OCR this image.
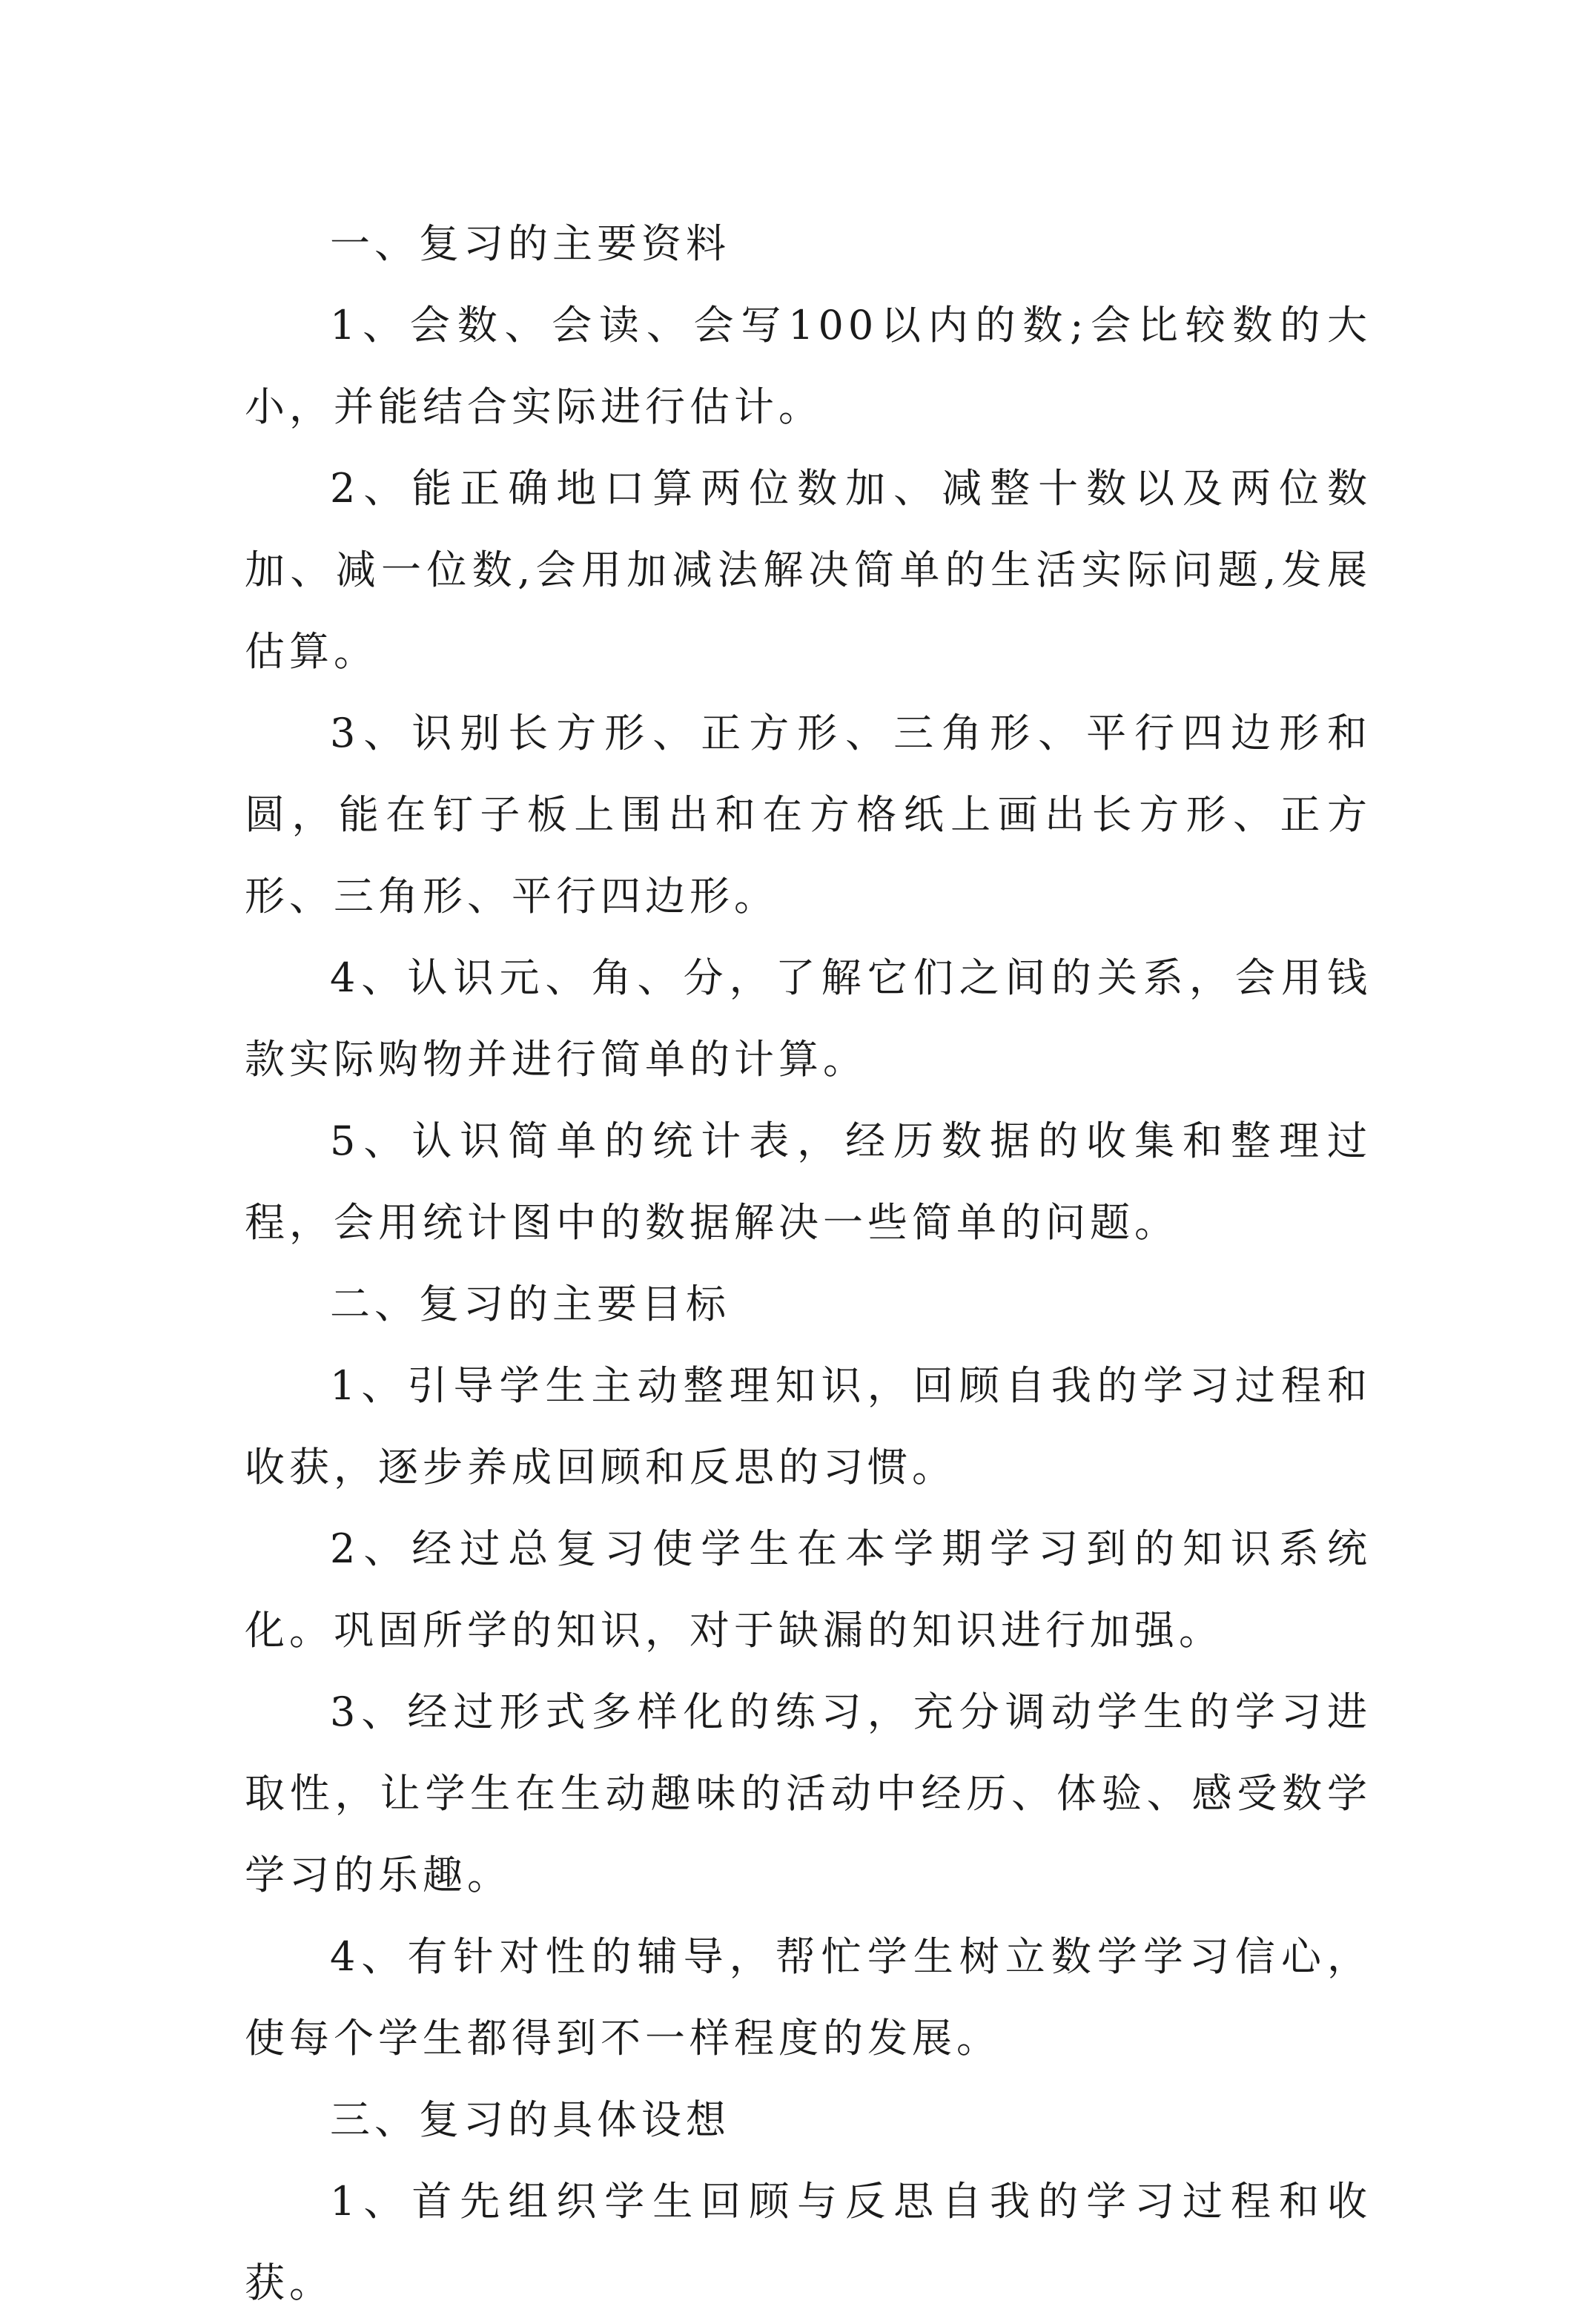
一、复习的主要资料

1、会数、会读、会写100以内的数;会比较数的大小，并能结合实际进行估计。

2、能正确地口算两位数加、减整十数以及两位数加、减一位数,会用加减法解决简单的生活实际问题,发展估算。

3、识别长方形、正方形、三角形、平行四边形和圆，能在钉子板上围出和在方格纸上画出长方形、正方形、三角形、平行四边形。

4、认识元、角、分，了解它们之间的关系，会用钱款实际购物并进行简单的计算。

5、认识简单的统计表，经历数据的收集和整理过程，会用统计图中的数据解决一些简单的问题。

二、复习的主要目标

1、引导学生主动整理知识，回顾自我的学习过程和收获，逐步养成回顾和反思的习惯。

2、经过总复习使学生在本学期学习到的知识系统化。巩固所学的知识，对于缺漏的知识进行加强。

3、经过形式多样化的练习，充分调动学生的学习进取性，让学生在生动趣味的活动中经历、体验、感受数学学习的乐趣。

4、有针对性的辅导，帮忙学生树立数学学习信心，使每个学生都得到不一样程度的发展。

三、复习的具体设想

1、首先组织学生回顾与反思自我的学习过程和收获。
